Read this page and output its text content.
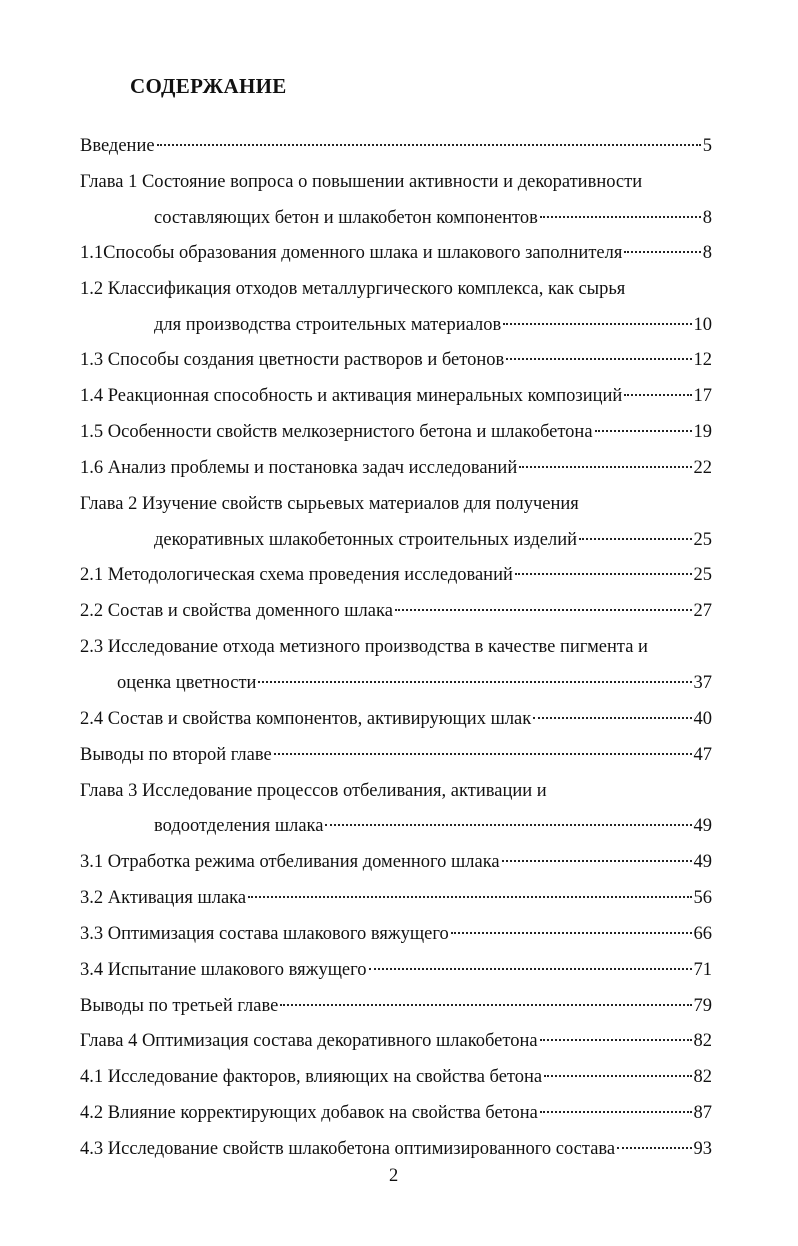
СОДЕРЖАНИЕ
Введение	5
Глава 1 Состояние вопроса о повышении активности и декоративности
составляющих бетон и шлакобетон компонентов	8
1.1Способы образования доменного шлака и шлакового заполнителя	8
1.2 Классификация отходов металлургического комплекса, как сырья
для производства строительных материалов	10
1.3 Способы создания цветности растворов и бетонов	12
1.4 Реакционная способность и активация минеральных композиций	17
1.5 Особенности свойств мелкозернистого бетона и шлакобетона	19
1.6 Анализ проблемы и постановка задач исследований	22
Глава 2 Изучение свойств сырьевых материалов для получения
декоративных шлакобетонных строительных изделий	25
2.1 Методологическая схема проведения исследований	25
2.2 Состав и свойства доменного шлака	27
2.3 Исследование отхода метизного производства в качестве пигмента и
оценка цветности	37
2.4 Состав и свойства компонентов, активирующих шлак	40
Выводы по второй главе	47
Глава 3 Исследование процессов отбеливания, активации и
водоотделения шлака	49
3.1 Отработка режима отбеливания доменного шлака	49
3.2 Активация шлака	56
3.3 Оптимизация состава шлакового вяжущего	66
3.4 Испытание шлакового вяжущего	71
Выводы по третьей главе	79
Глава 4 Оптимизация состава декоративного шлакобетона	82
4.1 Исследование факторов, влияющих на свойства бетона	82
4.2 Влияние корректирующих добавок на свойства бетона	87
4.3 Исследование свойств шлакобетона оптимизированного состава	93
2
